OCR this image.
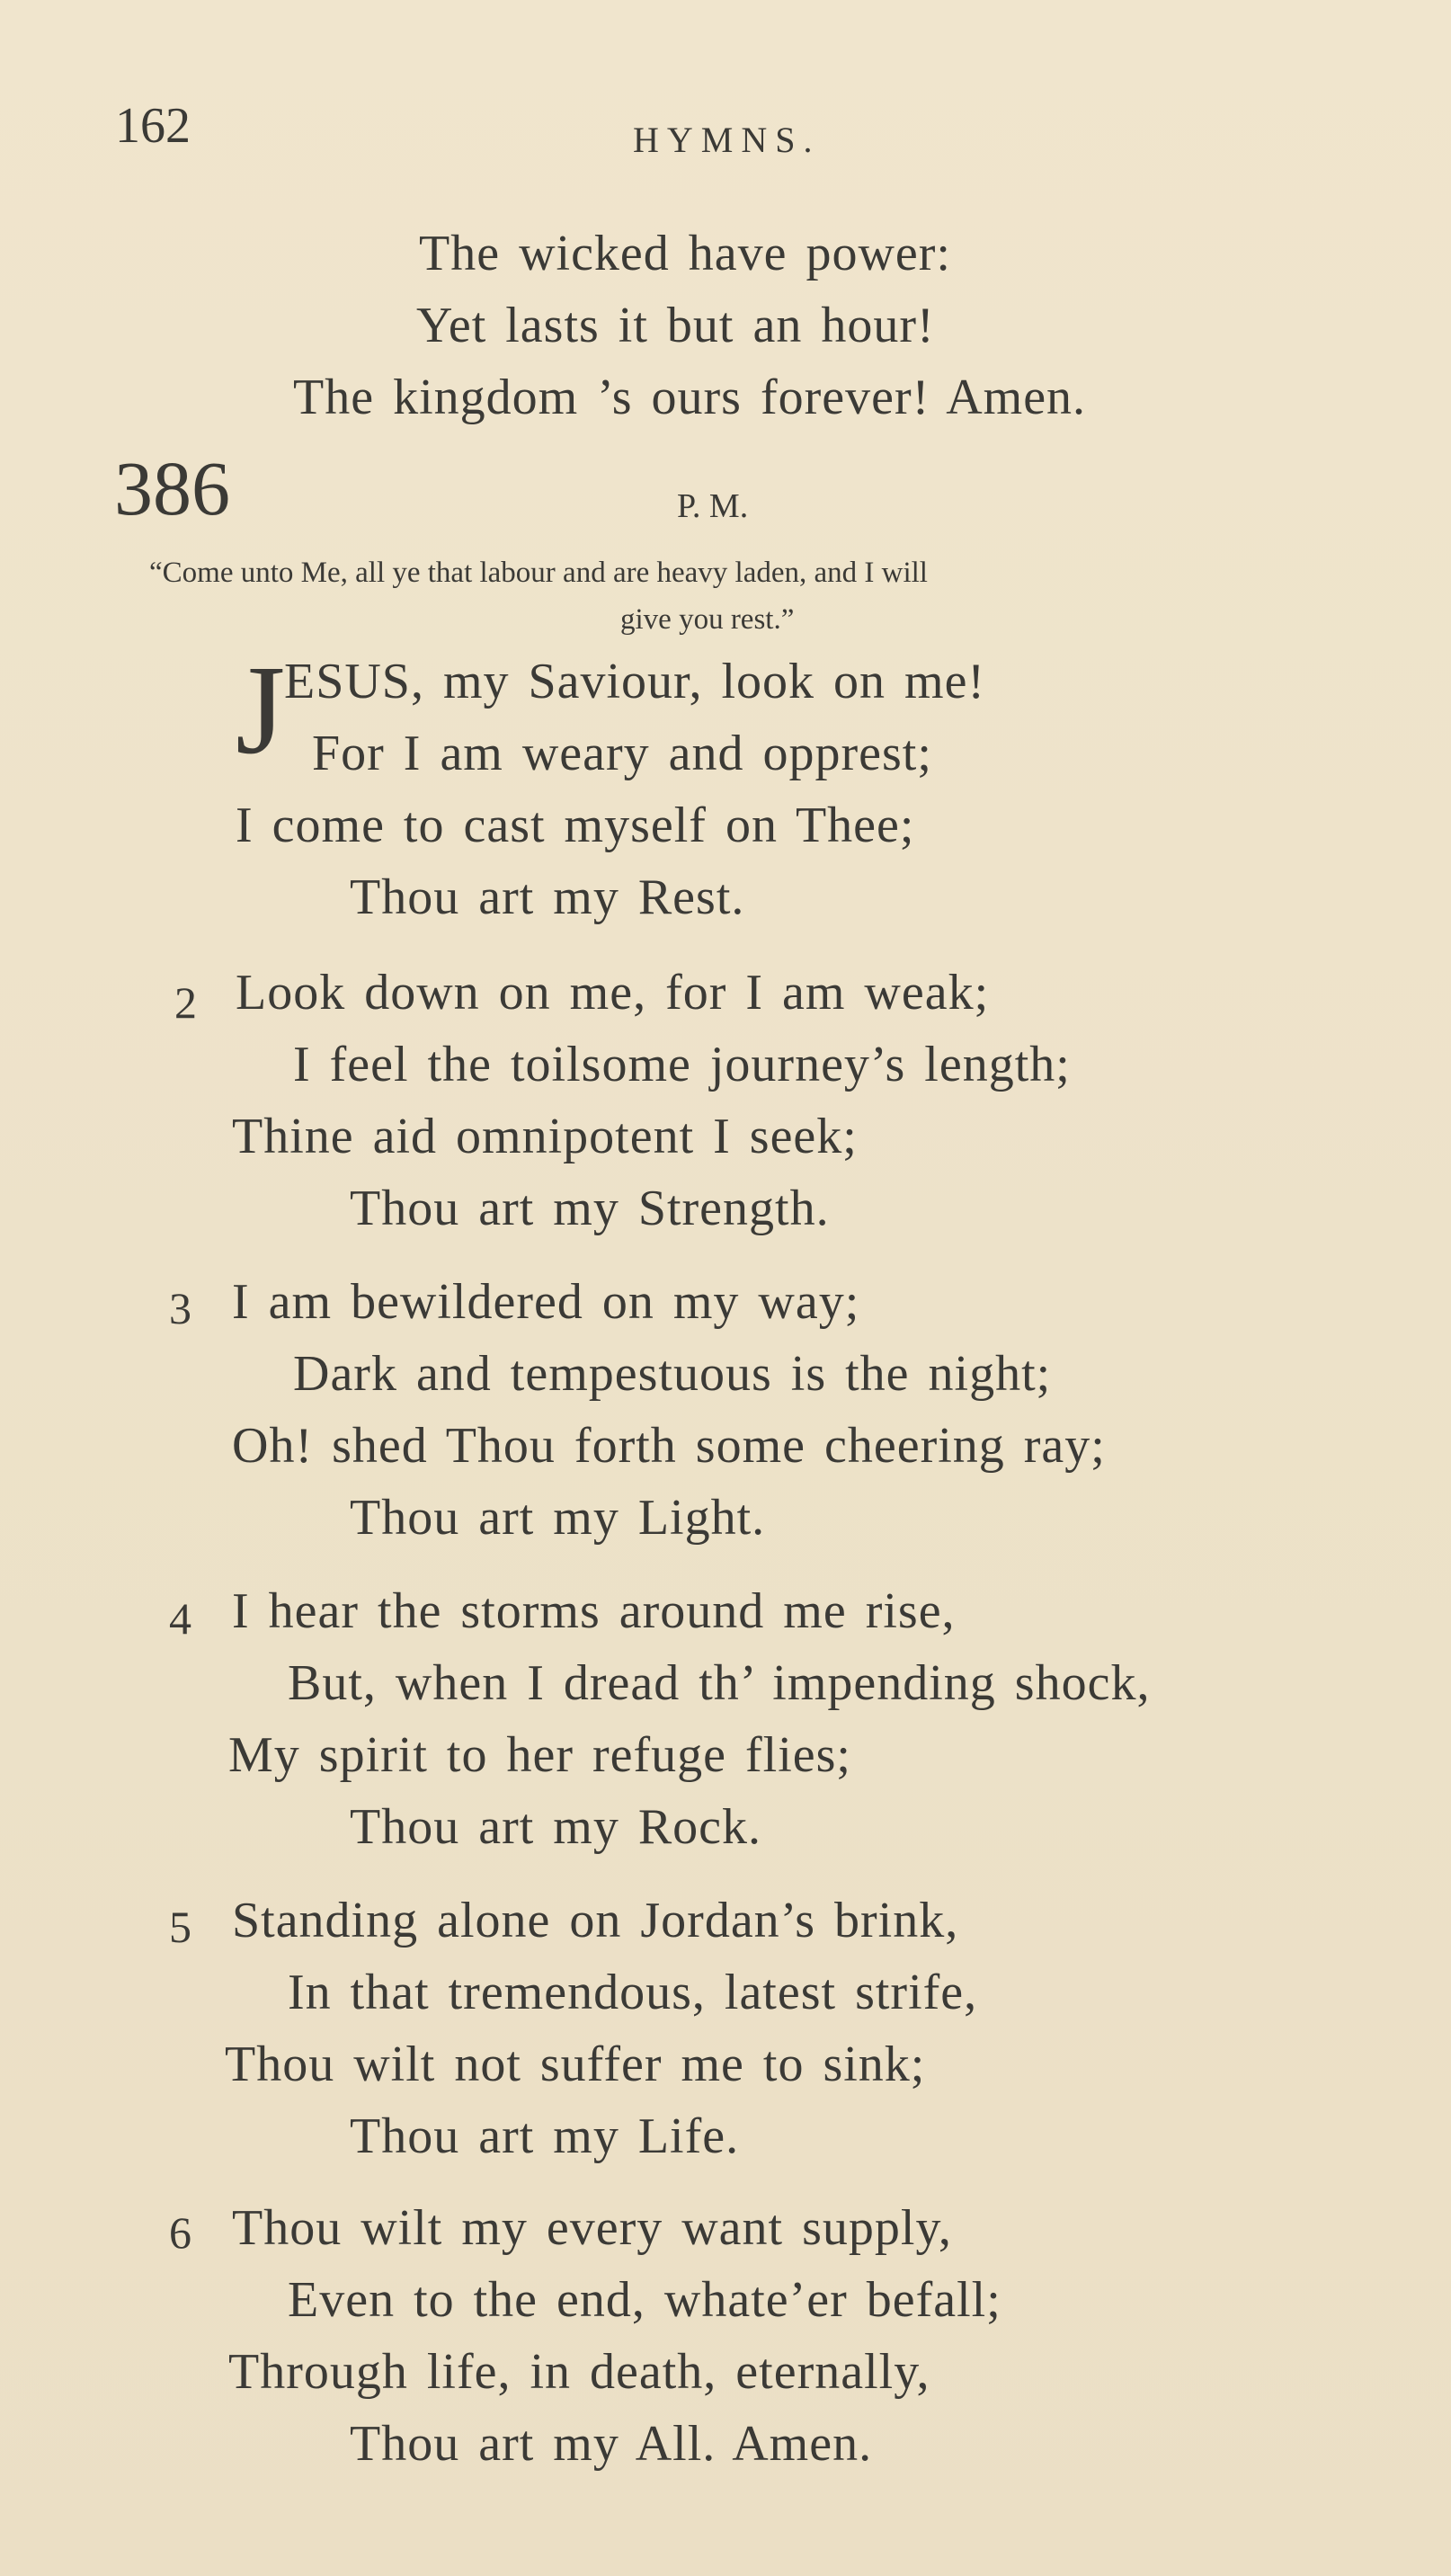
162	HYMNS.
The wicked have power:
Yet lasts it but an hour!
The kingdom ’s ours forever! Amen.
386	P. M.
“Come unto Me, all ye that labour and are heavy laden, and I will
give you rest.”
J
ESUS, my Saviour, look on me!
For I am weary and opprest;
I come to cast myself on Thee;
Thou art my Rest.
2 Look down on me, for I am weak;
I feel the toilsome journey’s length;
Thine aid omnipotent I seek;
Thou art my Strength.
3 I am bewildered on my way;
Dark and tempestuous is the night;
Oh! shed Thou forth some cheering ray;
Thou art my Light.
4 I hear the storms around me rise,
But, when I dread th’ impending shock,
My spirit to her refuge flies;
Thou art my Rock.
5 Standing alone on Jordan’s brink,
In that tremendous, latest strife,
Thou wilt not suffer me to sink;
Thou art my Life.
6 Thou wilt my every want supply,
Even to the end, whate’er befall;
Through life, in death, eternally,
Thou art my All. Amen.
